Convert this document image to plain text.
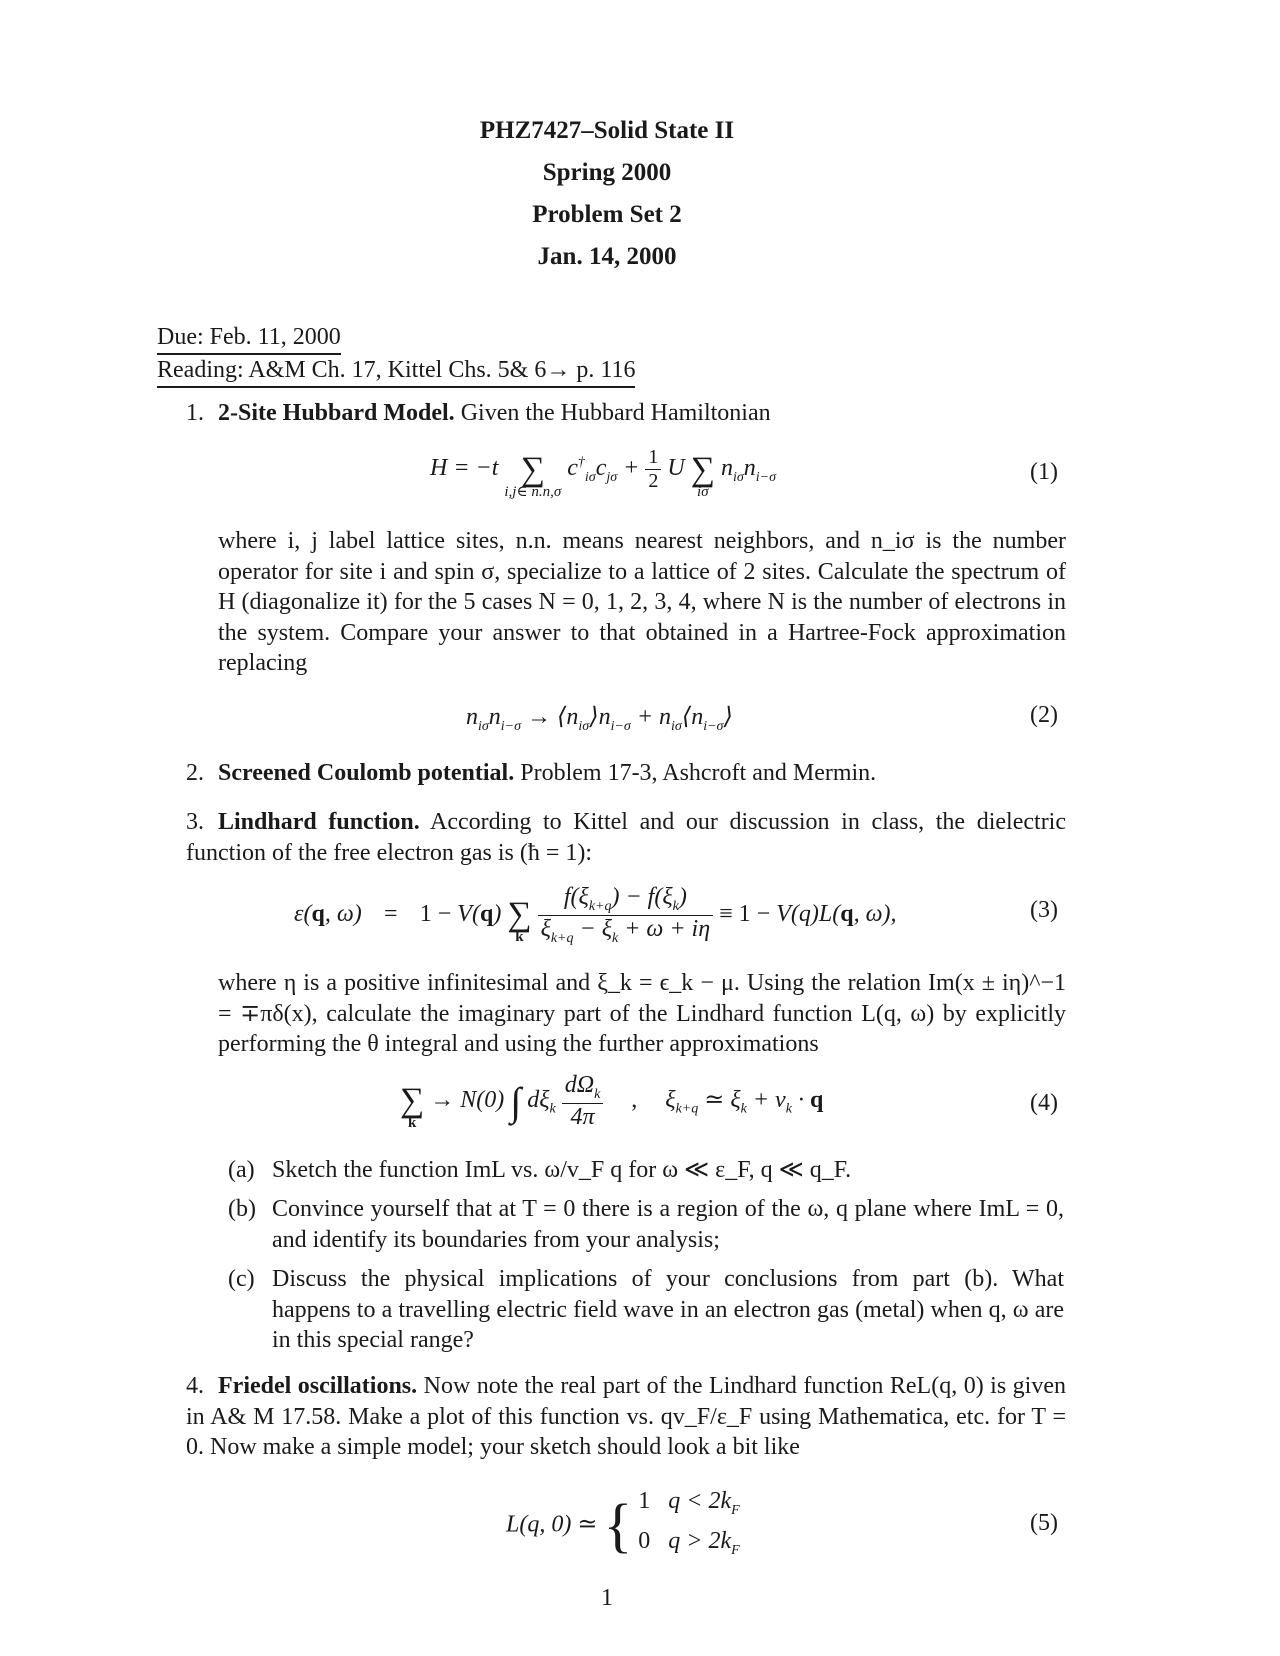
PHZ7427–Solid State II
Spring 2000
Problem Set 2
Jan. 14, 2000
Due: Feb. 11, 2000
Reading: A&M Ch. 17, Kittel Chs. 5& 6→ p. 116
1. 2-Site Hubbard Model. Given the Hubbard Hamiltonian
H = −t ∑
i,j∈ n.n,σ
$c^\dagger_{i\sigma}c_{j\sigma} + \frac{1}{2}$ U ∑
iσ
$n_{i\sigma}n_{i-\sigma}$	(1)
where i, j label lattice sites, n.n. means nearest neighbors, and n_iσ is the number operator for site i and spin σ, specialize to a lattice of 2 sites. Calculate the spectrum of H (diagonalize it) for the 5 cases N = 0, 1, 2, 3, 4, where N is the number of electrons in the system. Compare your answer to that obtained in a Hartree-Fock approximation replacing
$n_{i\sigma}n_{i-\sigma}$ → $⟨n_{i\sigma}⟩n_{i-\sigma}$ + $n_{i\sigma}⟨n_{i-\sigma}⟩$	(2)
2. Screened Coulomb potential. Problem 17-3, Ashcroft and Mermin.
3. Lindhard function. According to Kittel and our discussion in class, the dielectric function of the free electron gas is (ħ = 1):
ε(q, ω) = 1 − V(q) ∑
k
$\frac{f(\xi_{k+q}) - f(\xi_k)}{\xi_{k+q} - \xi_k + \omega + i\eta} \equiv 1 - V(q)L(q$, ω),	(3)
where η is a positive infinitesimal and ξ_k = ϵ_k − μ. Using the relation Im(x ± iη)^−1 = ∓πδ(x), calculate the imaginary part of the Lindhard function L(q, ω) by explicitly performing the θ integral and using the further approximations
∑
k
→ N(0) ∫ $d\xi_k \frac{d\Omega_k}{4\pi}$ , $\xi_{k+q}$ ≃ $\xi_k + v_k \cdot q$	(4)
(a) Sketch the function ImL vs. ω/v_F q for ω ≪ ε_F, q ≪ q_F.
(b) Convince yourself that at T = 0 there is a region of the ω, q plane where ImL = 0, and identify its boundaries from your analysis;
(c) Discuss the physical implications of your conclusions from part (b). What happens to a travelling electric field wave in an electron gas (metal) when q, ω are in this special range?
4. Friedel oscillations. Now note the real part of the Lindhard function ReL(q, 0) is given in A& M 17.58. Make a plot of this function vs. qv_F/ε_F using Mathematica, etc. for T = 0. Now make a simple model; your sketch should look a bit like
L(q, 0) ≃ { 1   $q < 2k_F$
0   $q > 2k_F$
(5)
1
